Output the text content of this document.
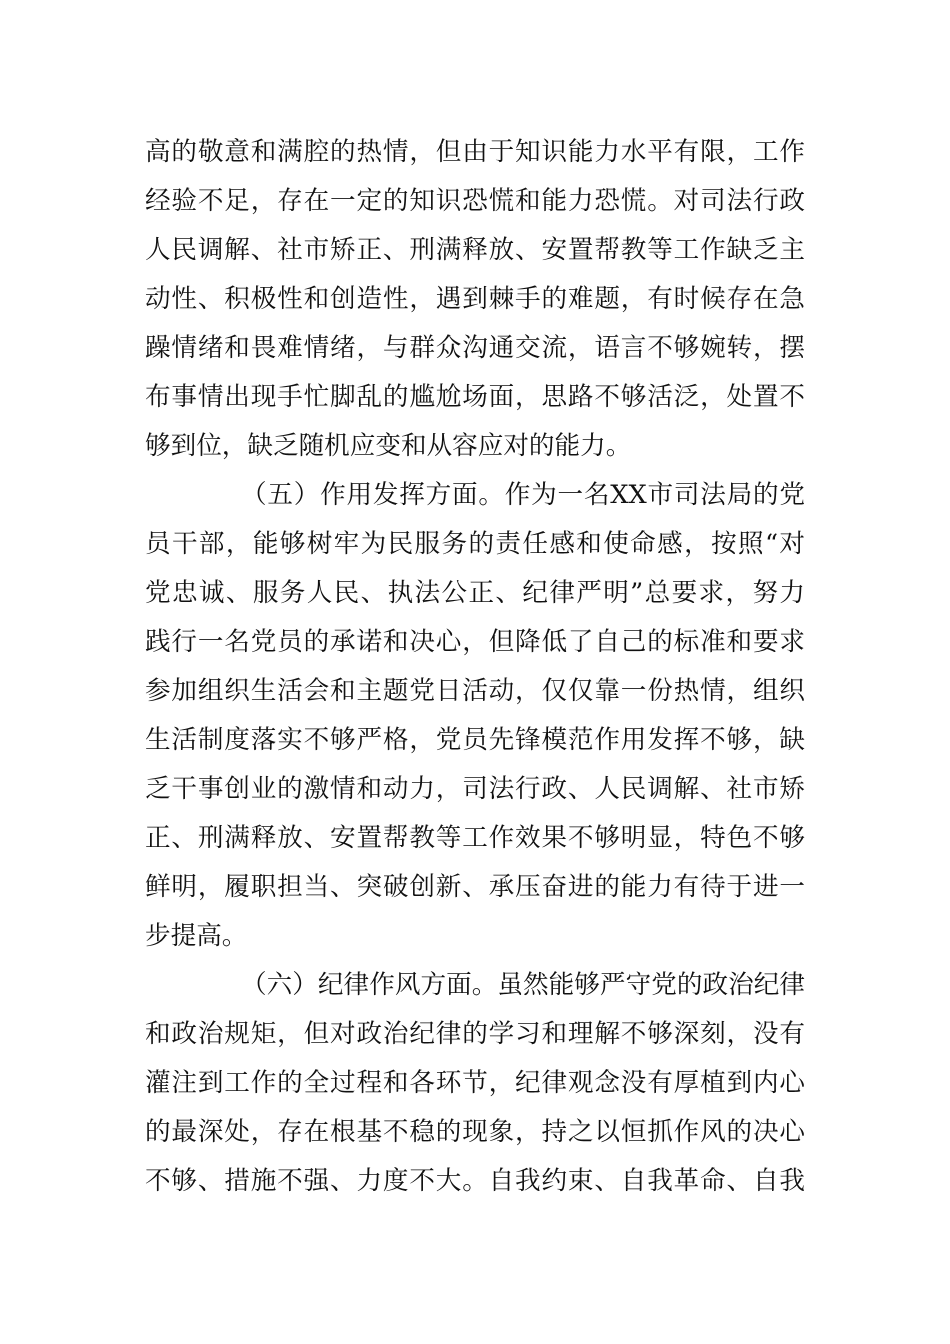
高的敬意和满腔的热情，但由于知识能力水平有限，工作
经验不足，存在一定的知识恐慌和能力恐慌。对司法行政
人民调解、社市矫正、刑满释放、安置帮教等工作缺乏主
动性、积极性和创造性，遇到棘手的难题，有时候存在急
躁情绪和畏难情绪，与群众沟通交流，语言不够婉转，摆
布事情出现手忙脚乱的尴尬场面，思路不够活泛，处置不
够到位，缺乏随机应变和从容应对的能力。
（五）作用发挥方面。作为一名XX市司法局的党
员干部，能够树牢为民服务的责任感和使命感，按照“对
党忠诚、服务人民、执法公正、纪律严明”总要求，努力
践行一名党员的承诺和决心，但降低了自己的标准和要求
参加组织生活会和主题党日活动，仅仅靠一份热情，组织
生活制度落实不够严格，党员先锋模范作用发挥不够，缺
乏干事创业的激情和动力，司法行政、人民调解、社市矫
正、刑满释放、安置帮教等工作效果不够明显，特色不够
鲜明，履职担当、突破创新、承压奋进的能力有待于进一
步提高。
（六）纪律作风方面。虽然能够严守党的政治纪律
和政治规矩，但对政治纪律的学习和理解不够深刻，没有
灌注到工作的全过程和各环节，纪律观念没有厚植到内心
的最深处，存在根基不稳的现象，持之以恒抓作风的决心
不够、措施不强、力度不大。自我约束、自我革命、自我
